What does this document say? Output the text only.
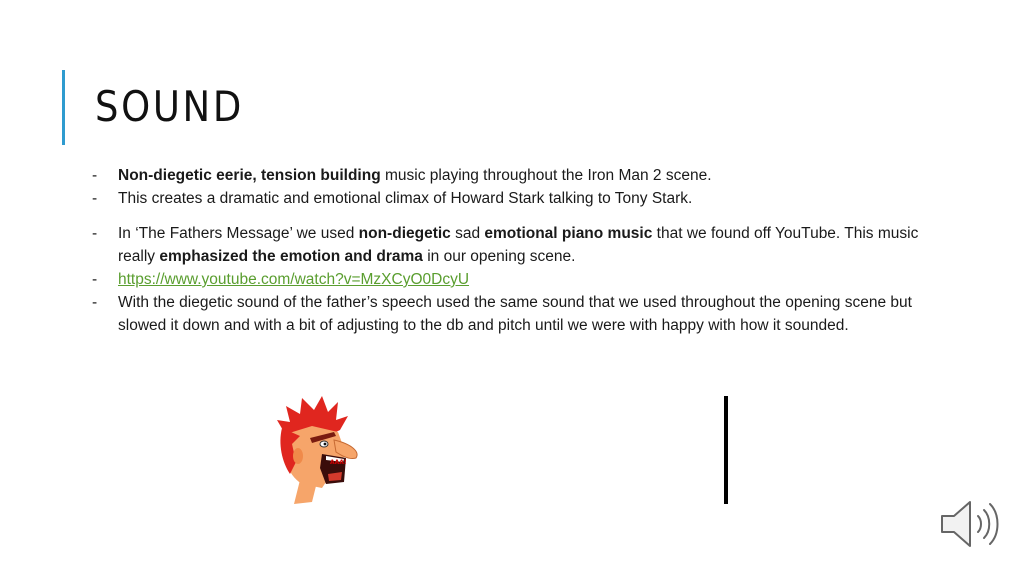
SOUND
-	Non-diegetic eerie, tension building music playing throughout the Iron Man 2 scene.
-	This creates a dramatic and emotional climax of Howard Stark talking to Tony Stark.
-	In ‘The Fathers Message’ we used non-diegetic sad emotional piano music that we found off YouTube. This music really emphasized the emotion and drama in our opening scene.
-	https://www.youtube.com/watch?v=MzXCyO0DcyU
-	With the diegetic sound of the father’s speech used the same sound that we used throughout the opening scene but slowed it down and with a bit of adjusting to the db and pitch until we were with happy with how it sounded.
AAA!
